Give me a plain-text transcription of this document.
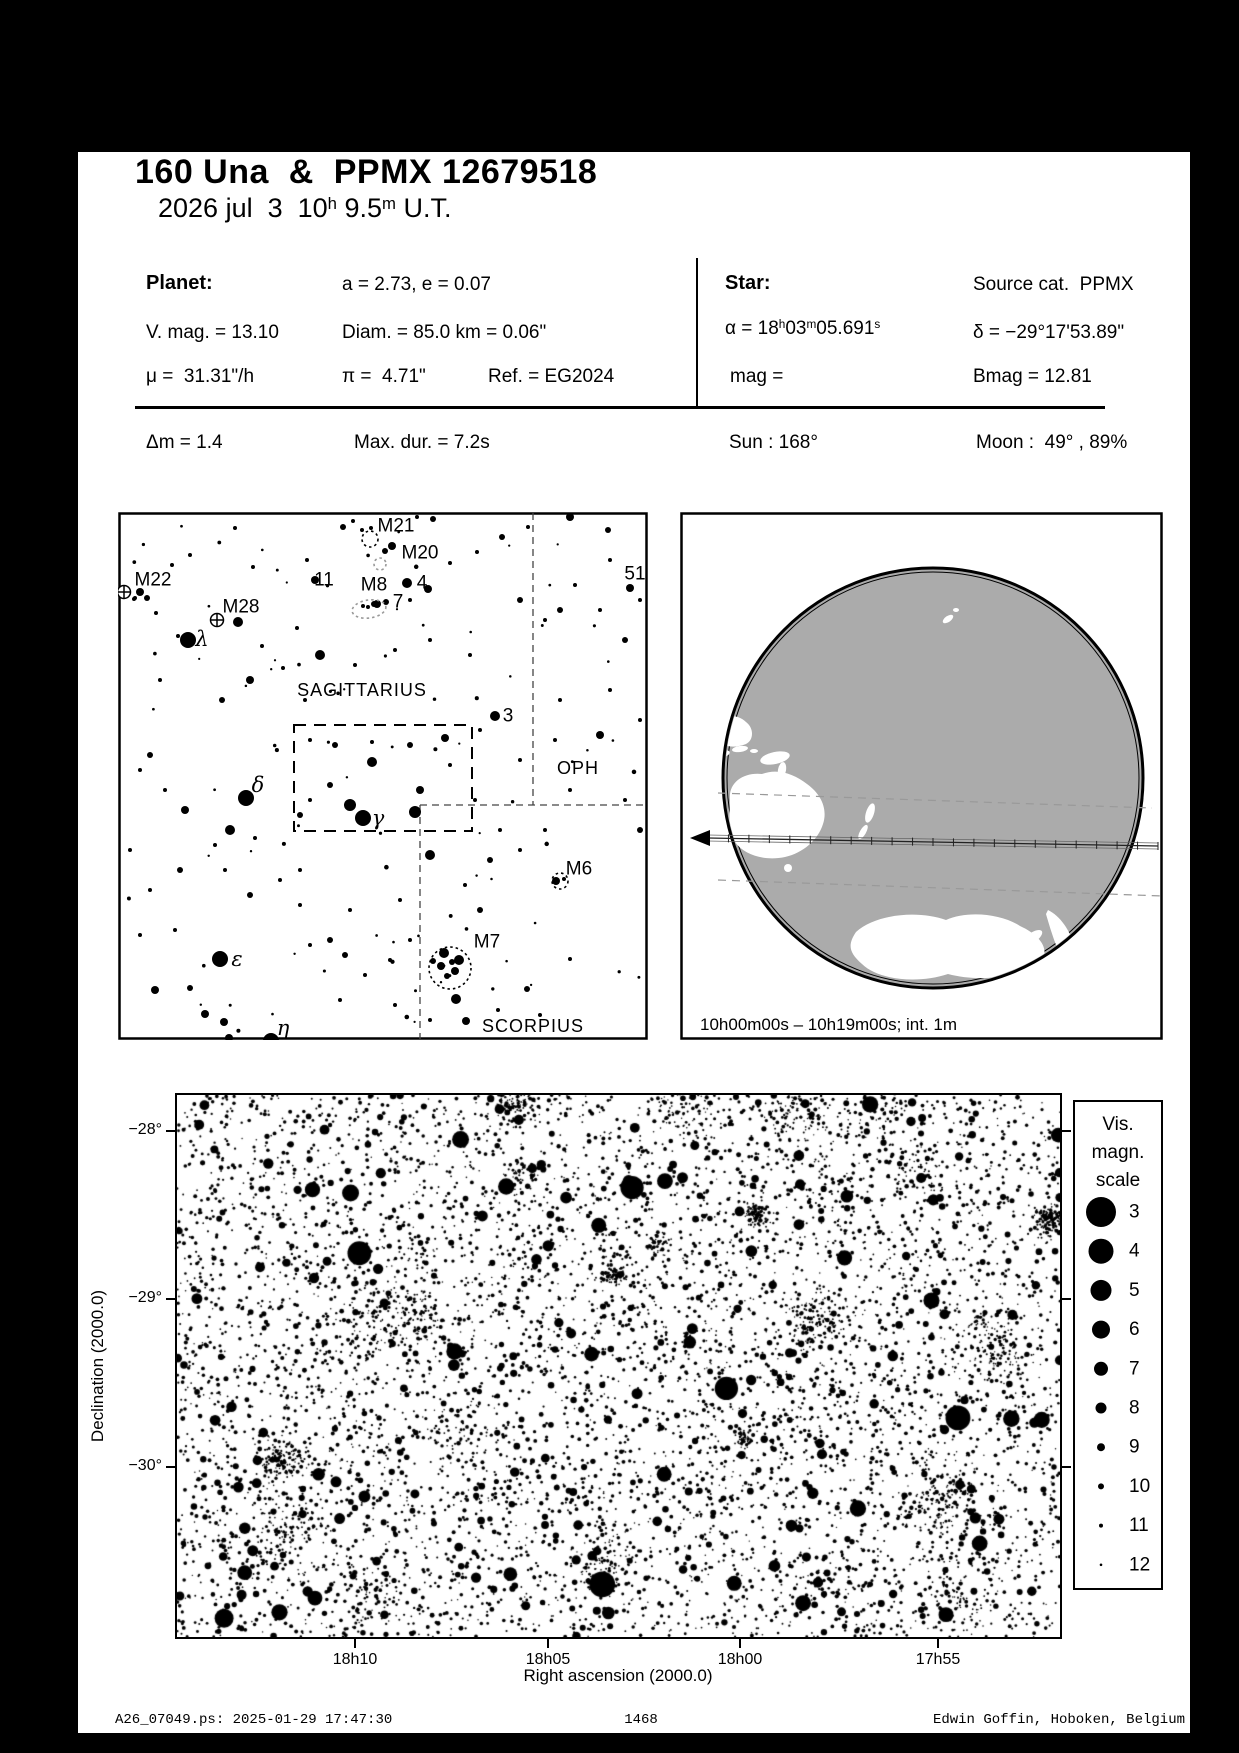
160 Una  &  PPMX 12679518
2026 jul  3  10$^h$ 9.5$^m$ U.T.
Planet:	a = 2.73, e = 0.07
V. mag. = 13.10	Diam. = 85.0 km = 0.06"
μ =  31.31"/h	π =  4.71"	Ref. = EG2024
Star:	Source cat.  PPMX
$\alpha = 18^h03^m05.691^s$	δ = −29°17'53.89"
mag =	Bmag = 12.81
Δm = 1.4	Max. dur. = 7.2s	Sun : 168°	Moon :  49° , 89%
M21
M20
M22
M28
M8
11	4
7
51
3
OPH
SAGITTARIUS
SCORPIUS
M6
M7
λ
δ
γ
ε
η	10h00m00s – 10h19m00s; int. 1m
18h10	18h05	18h00	17h55
−28°
−29°
−30°
Right ascension (2000.0)
Declination (2000.0)
Vis.
magn.
scale
3
4
5
6
7
8
9
10
11
12
A26_07049.ps: 2025-01-29 17:47:30	1468	Edwin Goffin, Hoboken, Belgium
